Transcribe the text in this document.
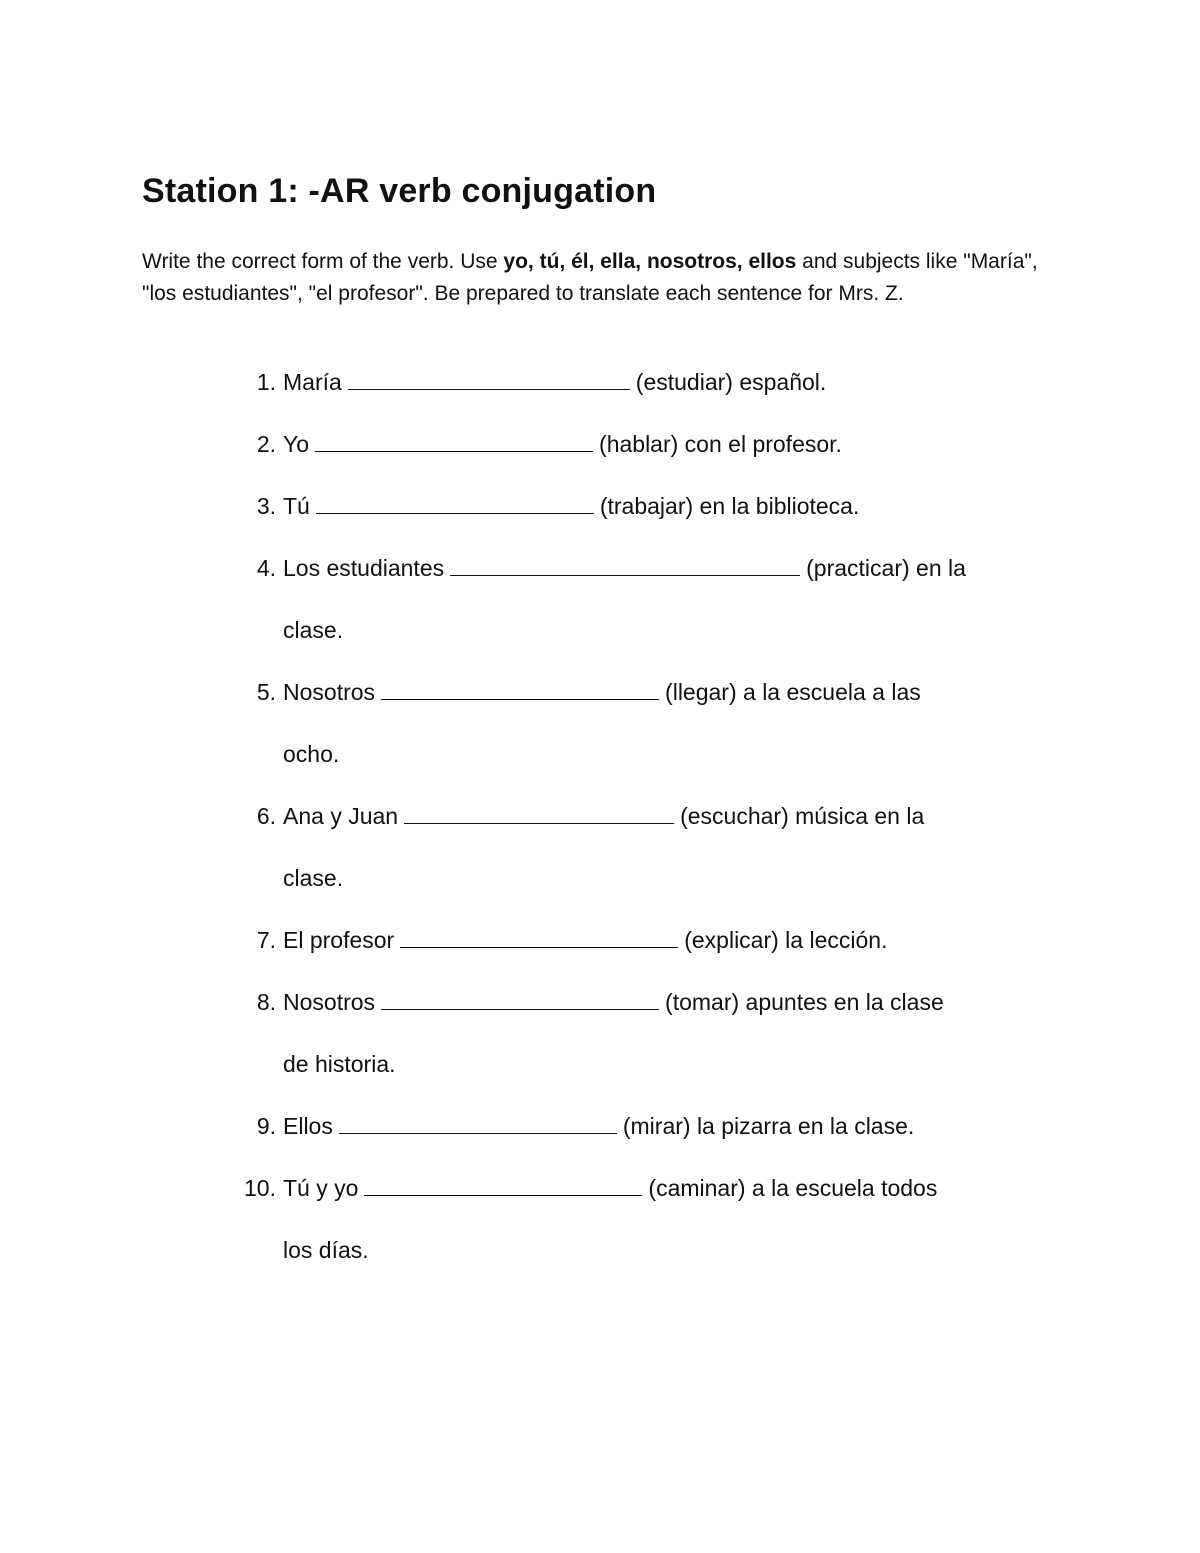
Station 1: -AR verb conjugation

Write the correct form of the verb. Use yo, tú, él, ella, nosotros, ellos and subjects like "María", "los estudiantes", "el profesor". Be prepared to translate each sentence for Mrs. Z.

1. María	(estudiar) español.
2. Yo	(hablar) con el profesor.
3. Tú	(trabajar) en la biblioteca.
4. Los estudiantes	(practicar) en la
clase.
5. Nosotros	(llegar) a la escuela a las
ocho.
6. Ana y Juan	(escuchar) música en la
clase.
7. El profesor	(explicar) la lección.
8. Nosotros	(tomar) apuntes en la clase
de historia.
9. Ellos	(mirar) la pizarra en la clase.
10. Tú y yo	(caminar) a la escuela todos
los días.
